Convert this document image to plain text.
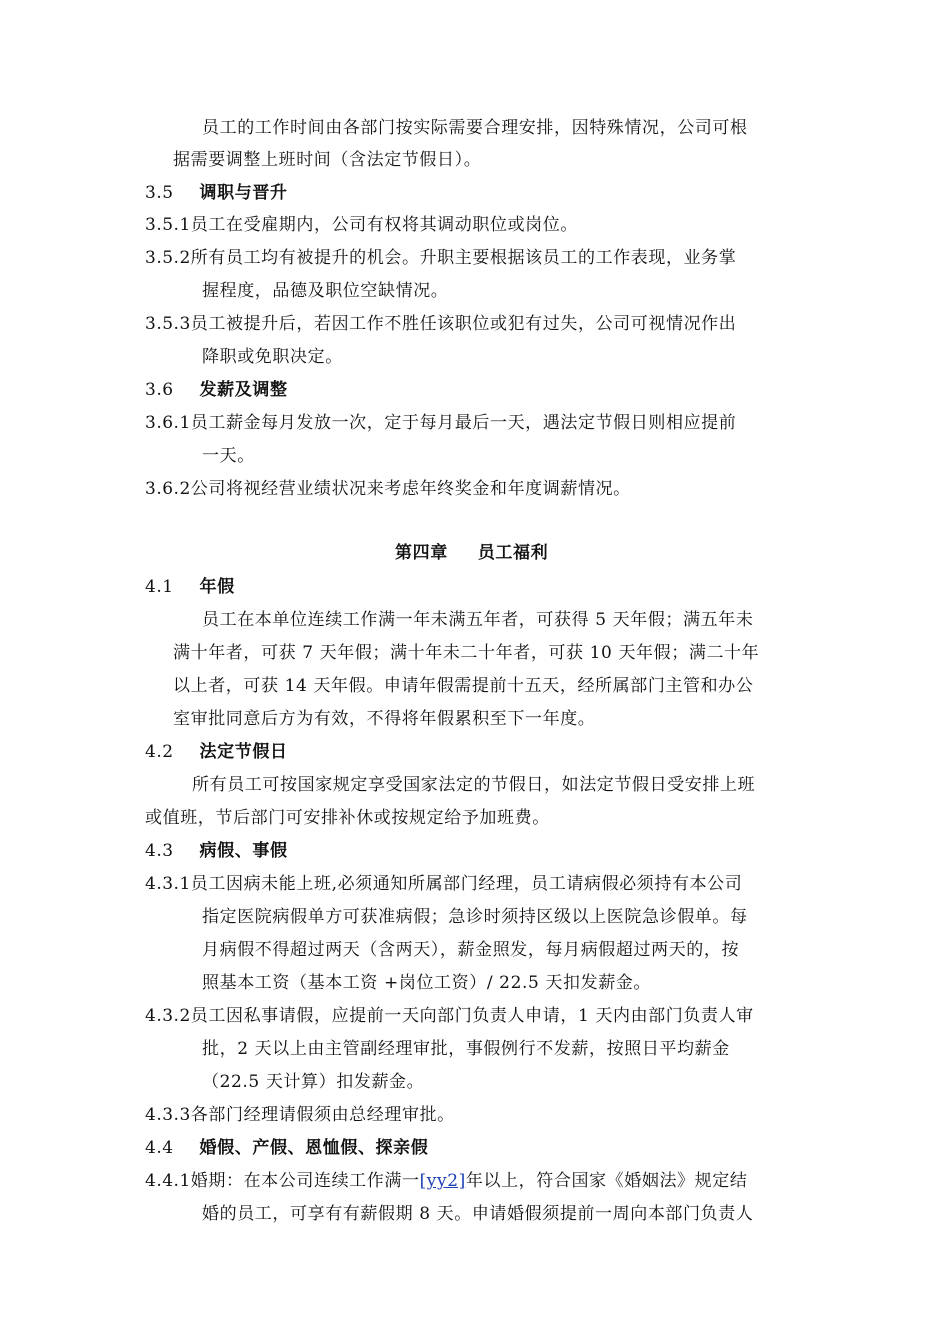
员工的工作时间由各部门按实际需要合理安排，因特殊情况，公司可根
据需要调整上班时间（含法定节假日）。
3.5 调职与晋升
3.5.1员工在受雇期内，公司有权将其调动职位或岗位。
3.5.2所有员工均有被提升的机会。升职主要根据该员工的工作表现，业务掌
握程度，品德及职位空缺情况。
3.5.3员工被提升后，若因工作不胜任该职位或犯有过失，公司可视情况作出
降职或免职决定。
3.6 发薪及调整
3.6.1员工薪金每月发放一次，定于每月最后一天，遇法定节假日则相应提前
一天。
3.6.2公司将视经营业绩状况来考虑年终奖金和年度调薪情况。
第四章 员工福利
4.1 年假
员工在本单位连续工作满一年未满五年者，可获得 5 天年假；满五年未
满十年者，可获 7 天年假；满十年未二十年者，可获 10 天年假；满二十年
以上者，可获 14 天年假。申请年假需提前十五天，经所属部门主管和办公
室审批同意后方为有效，不得将年假累积至下一年度。
4.2 法定节假日
所有员工可按国家规定享受国家法定的节假日，如法定节假日受安排上班
或值班，节后部门可安排补休或按规定给予加班费。
4.3 病假、事假
4.3.1员工因病未能上班,必须通知所属部门经理，员工请病假必须持有本公司
指定医院病假单方可获准病假；急诊时须持区级以上医院急诊假单。每
月病假不得超过两天（含两天），薪金照发，每月病假超过两天的，按
照基本工资（基本工资 +岗位工资）/ 22.5 天扣发薪金。
4.3.2员工因私事请假，应提前一天向部门负责人申请，1 天内由部门负责人审
批，2 天以上由主管副经理审批，事假例行不发薪，按照日平均薪金
（22.5 天计算）扣发薪金。
4.3.3各部门经理请假须由总经理审批。
4.4 婚假、产假、恩恤假、探亲假
4.4.1婚期：在本公司连续工作满一[yy2]年以上，符合国家《婚姻法》规定结
婚的员工，可享有有薪假期 8 天。申请婚假须提前一周向本部门负责人
